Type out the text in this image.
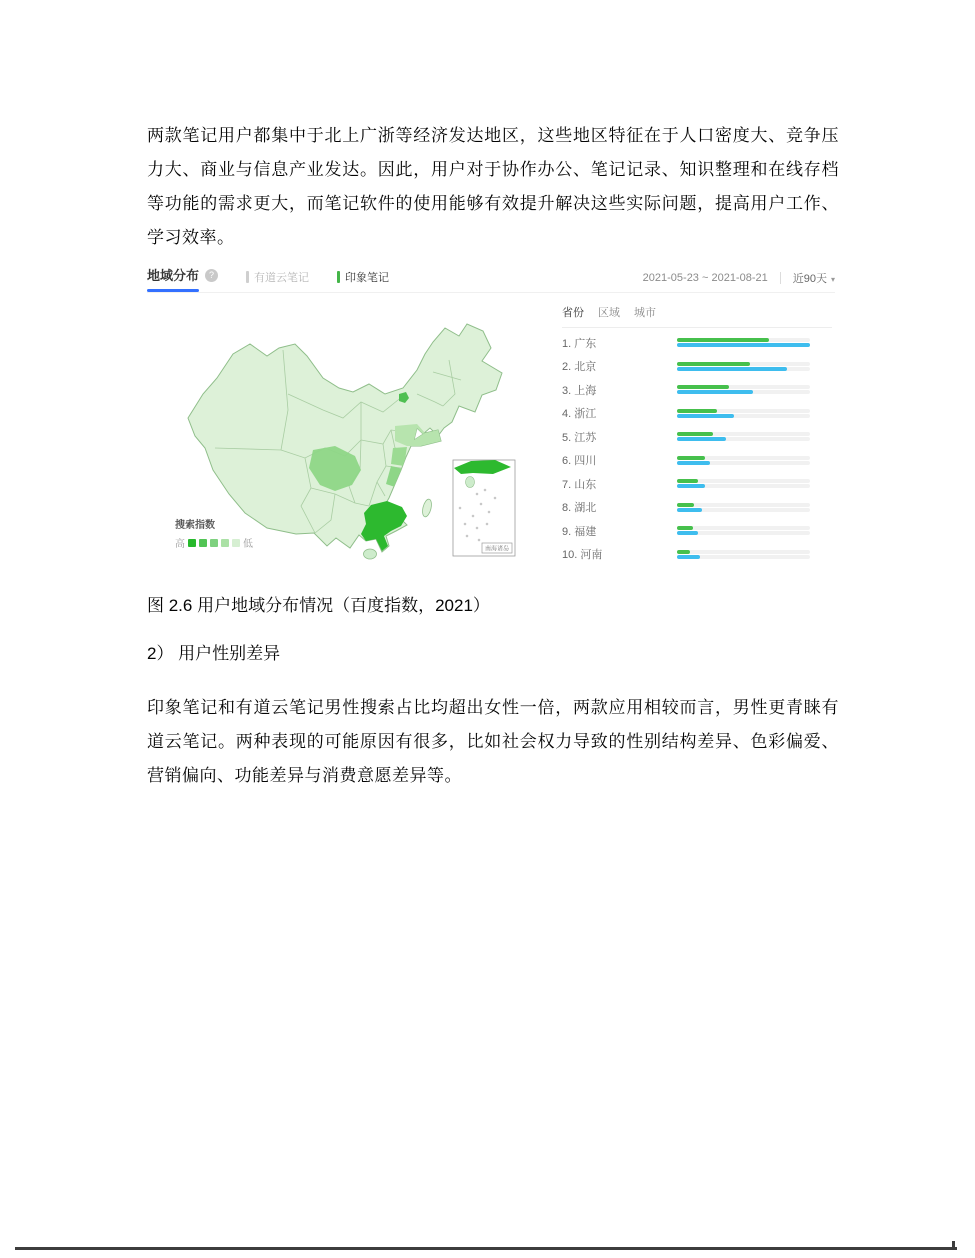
两款笔记用户都集中于北上广浙等经济发达地区，这些地区特征在于人口密度大、竞争压力大、商业与信息产业发达。因此，用户对于协作办公、笔记记录、知识整理和在线存档等功能的需求更大，而笔记软件的使用能够有效提升解决这些实际问题，提高用户工作、学习效率。
地域分布	?	有道云笔记	印象笔记	2021-05-23 ~ 2021-08-21 近90天 ▾
南海诸岛
搜索指数
高	低
省份 区域 城市
1. 广东
2. 北京
3. 上海
4. 浙江
5. 江苏
6. 四川
7. 山东
8. 湖北
9. 福建
10. 河南
图 2.6 用户地域分布情况（百度指数，2021）
2） 用户性别差异
印象笔记和有道云笔记男性搜索占比均超出女性一倍，两款应用相较而言，男性更青睐有道云笔记。两种表现的可能原因有很多，比如社会权力导致的性别结构差异、色彩偏爱、营销偏向、功能差异与消费意愿差异等。
